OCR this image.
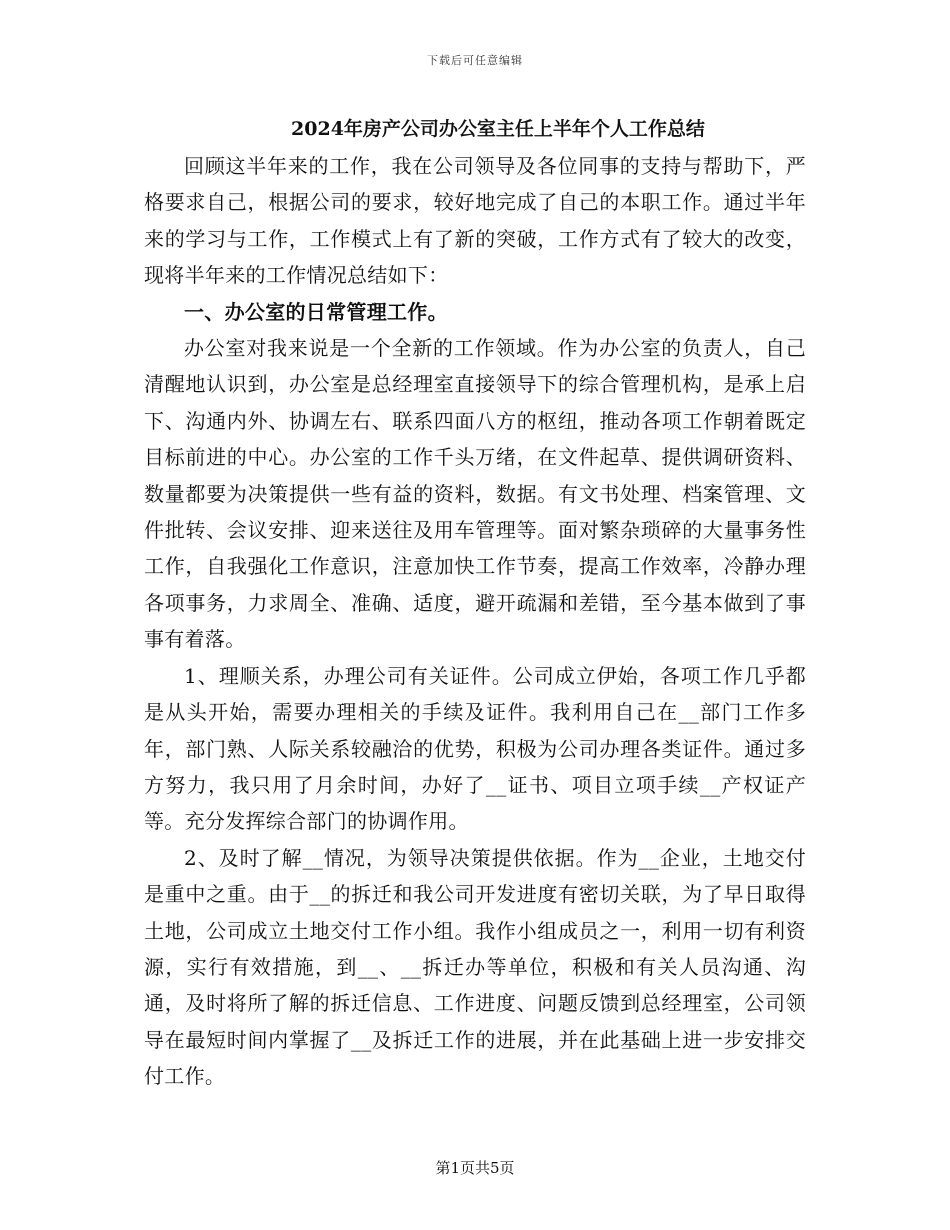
下载后可任意编辑
2024年房产公司办公室主任上半年个人工作总结

回顾这半年来的工作，我在公司领导及各位同事的支持与帮助下，严格要求自己，根据公司的要求，较好地完成了自己的本职工作。通过半年来的学习与工作，工作模式上有了新的突破，工作方式有了较大的改变，现将半年来的工作情况总结如下：

一、办公室的日常管理工作。

办公室对我来说是一个全新的工作领域。作为办公室的负责人，自己清醒地认识到，办公室是总经理室直接领导下的综合管理机构，是承上启下、沟通内外、协调左右、联系四面八方的枢纽，推动各项工作朝着既定目标前进的中心。办公室的工作千头万绪，在文件起草、提供调研资料、数量都要为决策提供一些有益的资料，数据。有文书处理、档案管理、文件批转、会议安排、迎来送往及用车管理等。面对繁杂琐碎的大量事务性工作，自我强化工作意识，注意加快工作节奏，提高工作效率，冷静办理各项事务，力求周全、准确、适度，避开疏漏和差错，至今基本做到了事事有着落。

1、理顺关系，办理公司有关证件。公司成立伊始，各项工作几乎都是从头开始，需要办理相关的手续及证件。我利用自己在__部门工作多年，部门熟、人际关系较融洽的优势，积极为公司办理各类证件。通过多方努力，我只用了月余时间，办好了__证书、项目立项手续__产权证产等。充分发挥综合部门的协调作用。

2、及时了解__情况，为领导决策提供依据。作为__企业，土地交付是重中之重。由于__的拆迁和我公司开发进度有密切关联，为了早日取得土地，公司成立土地交付工作小组。我作小组成员之一，利用一切有利资源，实行有效措施，到__、__拆迁办等单位，积极和有关人员沟通、沟通，及时将所了解的拆迁信息、工作进度、问题反馈到总经理室，公司领导在最短时间内掌握了__及拆迁工作的进展，并在此基础上进一步安排交付工作。

第1页共5页
